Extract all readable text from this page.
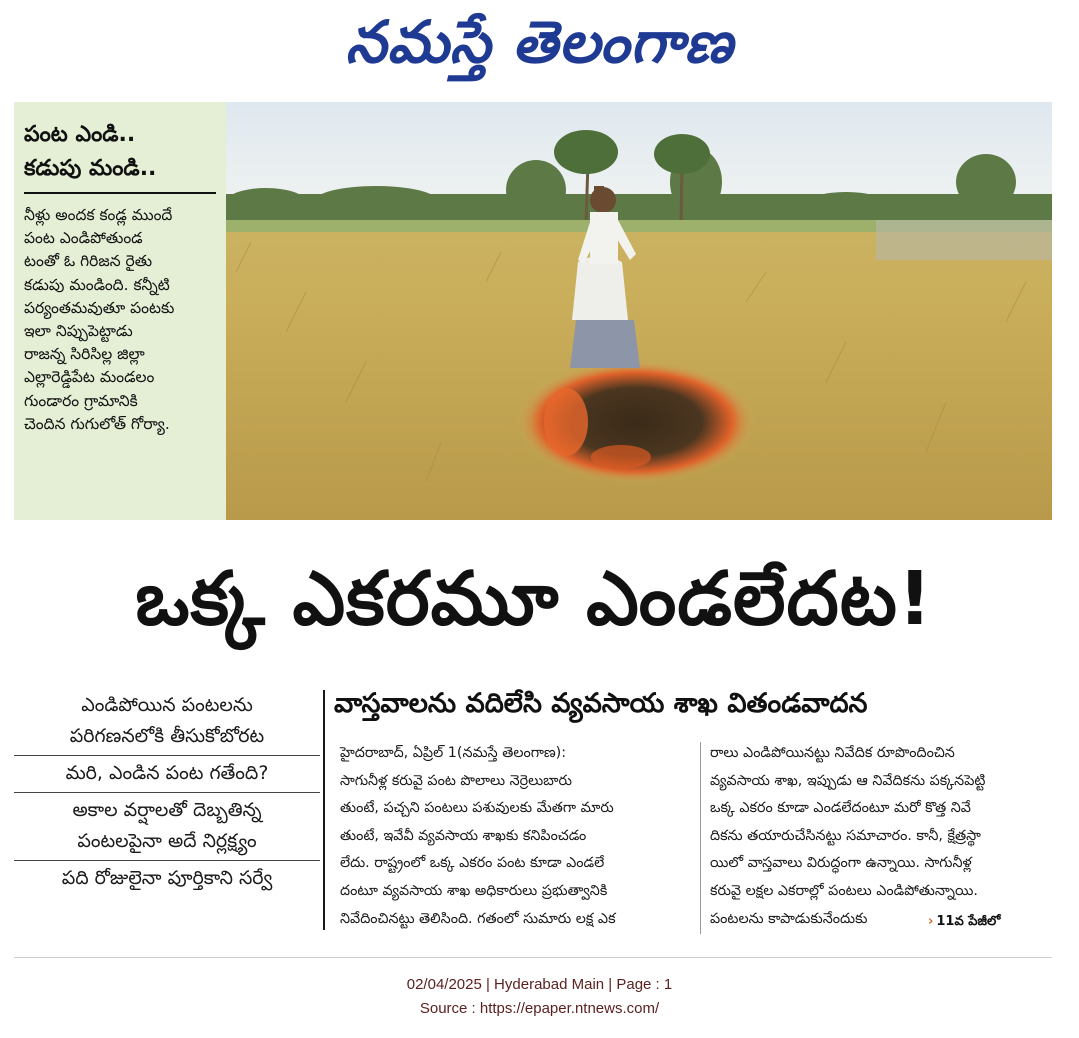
నమస్తే తెలంగాణ
పంట ఎండి..
కడుపు మండి..
నీళ్లు అందక కండ్ల ముందే
పంట ఎండిపోతుండ
టంతో ఓ గిరిజన రైతు
కడుపు మండింది. కన్నీటి
పర్యంతమవుతూ పంటకు
ఇలా నిప్పుపెట్టాడు
రాజన్న సిరిసిల్ల జిల్లా
ఎల్లారెడ్డిపేట మండలం
గుండారం గ్రామానికి
చెందిన గుగులోత్ గోర్యా.
ఒక్క ఎకరమూ ఎండలేదట!
ఎండిపోయిన పంటలను
పరిగణనలోకి తీసుకోబోరట
మరి, ఎండిన పంట గతేంది?
అకాల వర్షాలతో దెబ్బతిన్న
పంటలపైనా అదే నిర్లక్ష్యం
పది రోజులైనా పూర్తికాని సర్వే
వాస్తవాలను వదిలేసి వ్యవసాయ శాఖ వితండవాదన
హైదరాబాద్, ఏప్రిల్ 1(నమస్తే తెలంగాణ):
సాగునీళ్ల కరువై పంట పొలాలు నెర్రెలుబారు
తుంటే, పచ్చని పంటలు పశువులకు మేతగా మారు
తుంటే, ఇవేవీ వ్యవసాయ శాఖకు కనిపించడం
లేదు. రాష్ట్రంలో ఒక్క ఎకరం పంట కూడా ఎండలే
దంటూ వ్యవసాయ శాఖ అధికారులు ప్రభుత్వానికి
నివేదించినట్టు తెలిసింది. గతంలో సుమారు లక్ష ఎక
రాలు ఎండిపోయినట్టు నివేదిక రూపొందించిన
వ్యవసాయ శాఖ, ఇప్పుడు ఆ నివేదికను పక్కనపెట్టి
ఒక్క ఎకరం కూడా ఎండలేదంటూ మరో కొత్త నివే
దికను తయారుచేసినట్టు సమాచారం. కానీ, క్షేత్రస్థా
యిలో వాస్తవాలు విరుద్ధంగా ఉన్నాయి. సాగునీళ్ల
కరువై లక్షల ఎకరాల్లో పంటలు ఎండిపోతున్నాయి.
పంటలను కాపాడుకునేందుకు	› 11వ పేజీలో
02/04/2025 | Hyderabad Main | Page : 1
Source : https://epaper.ntnews.com/
